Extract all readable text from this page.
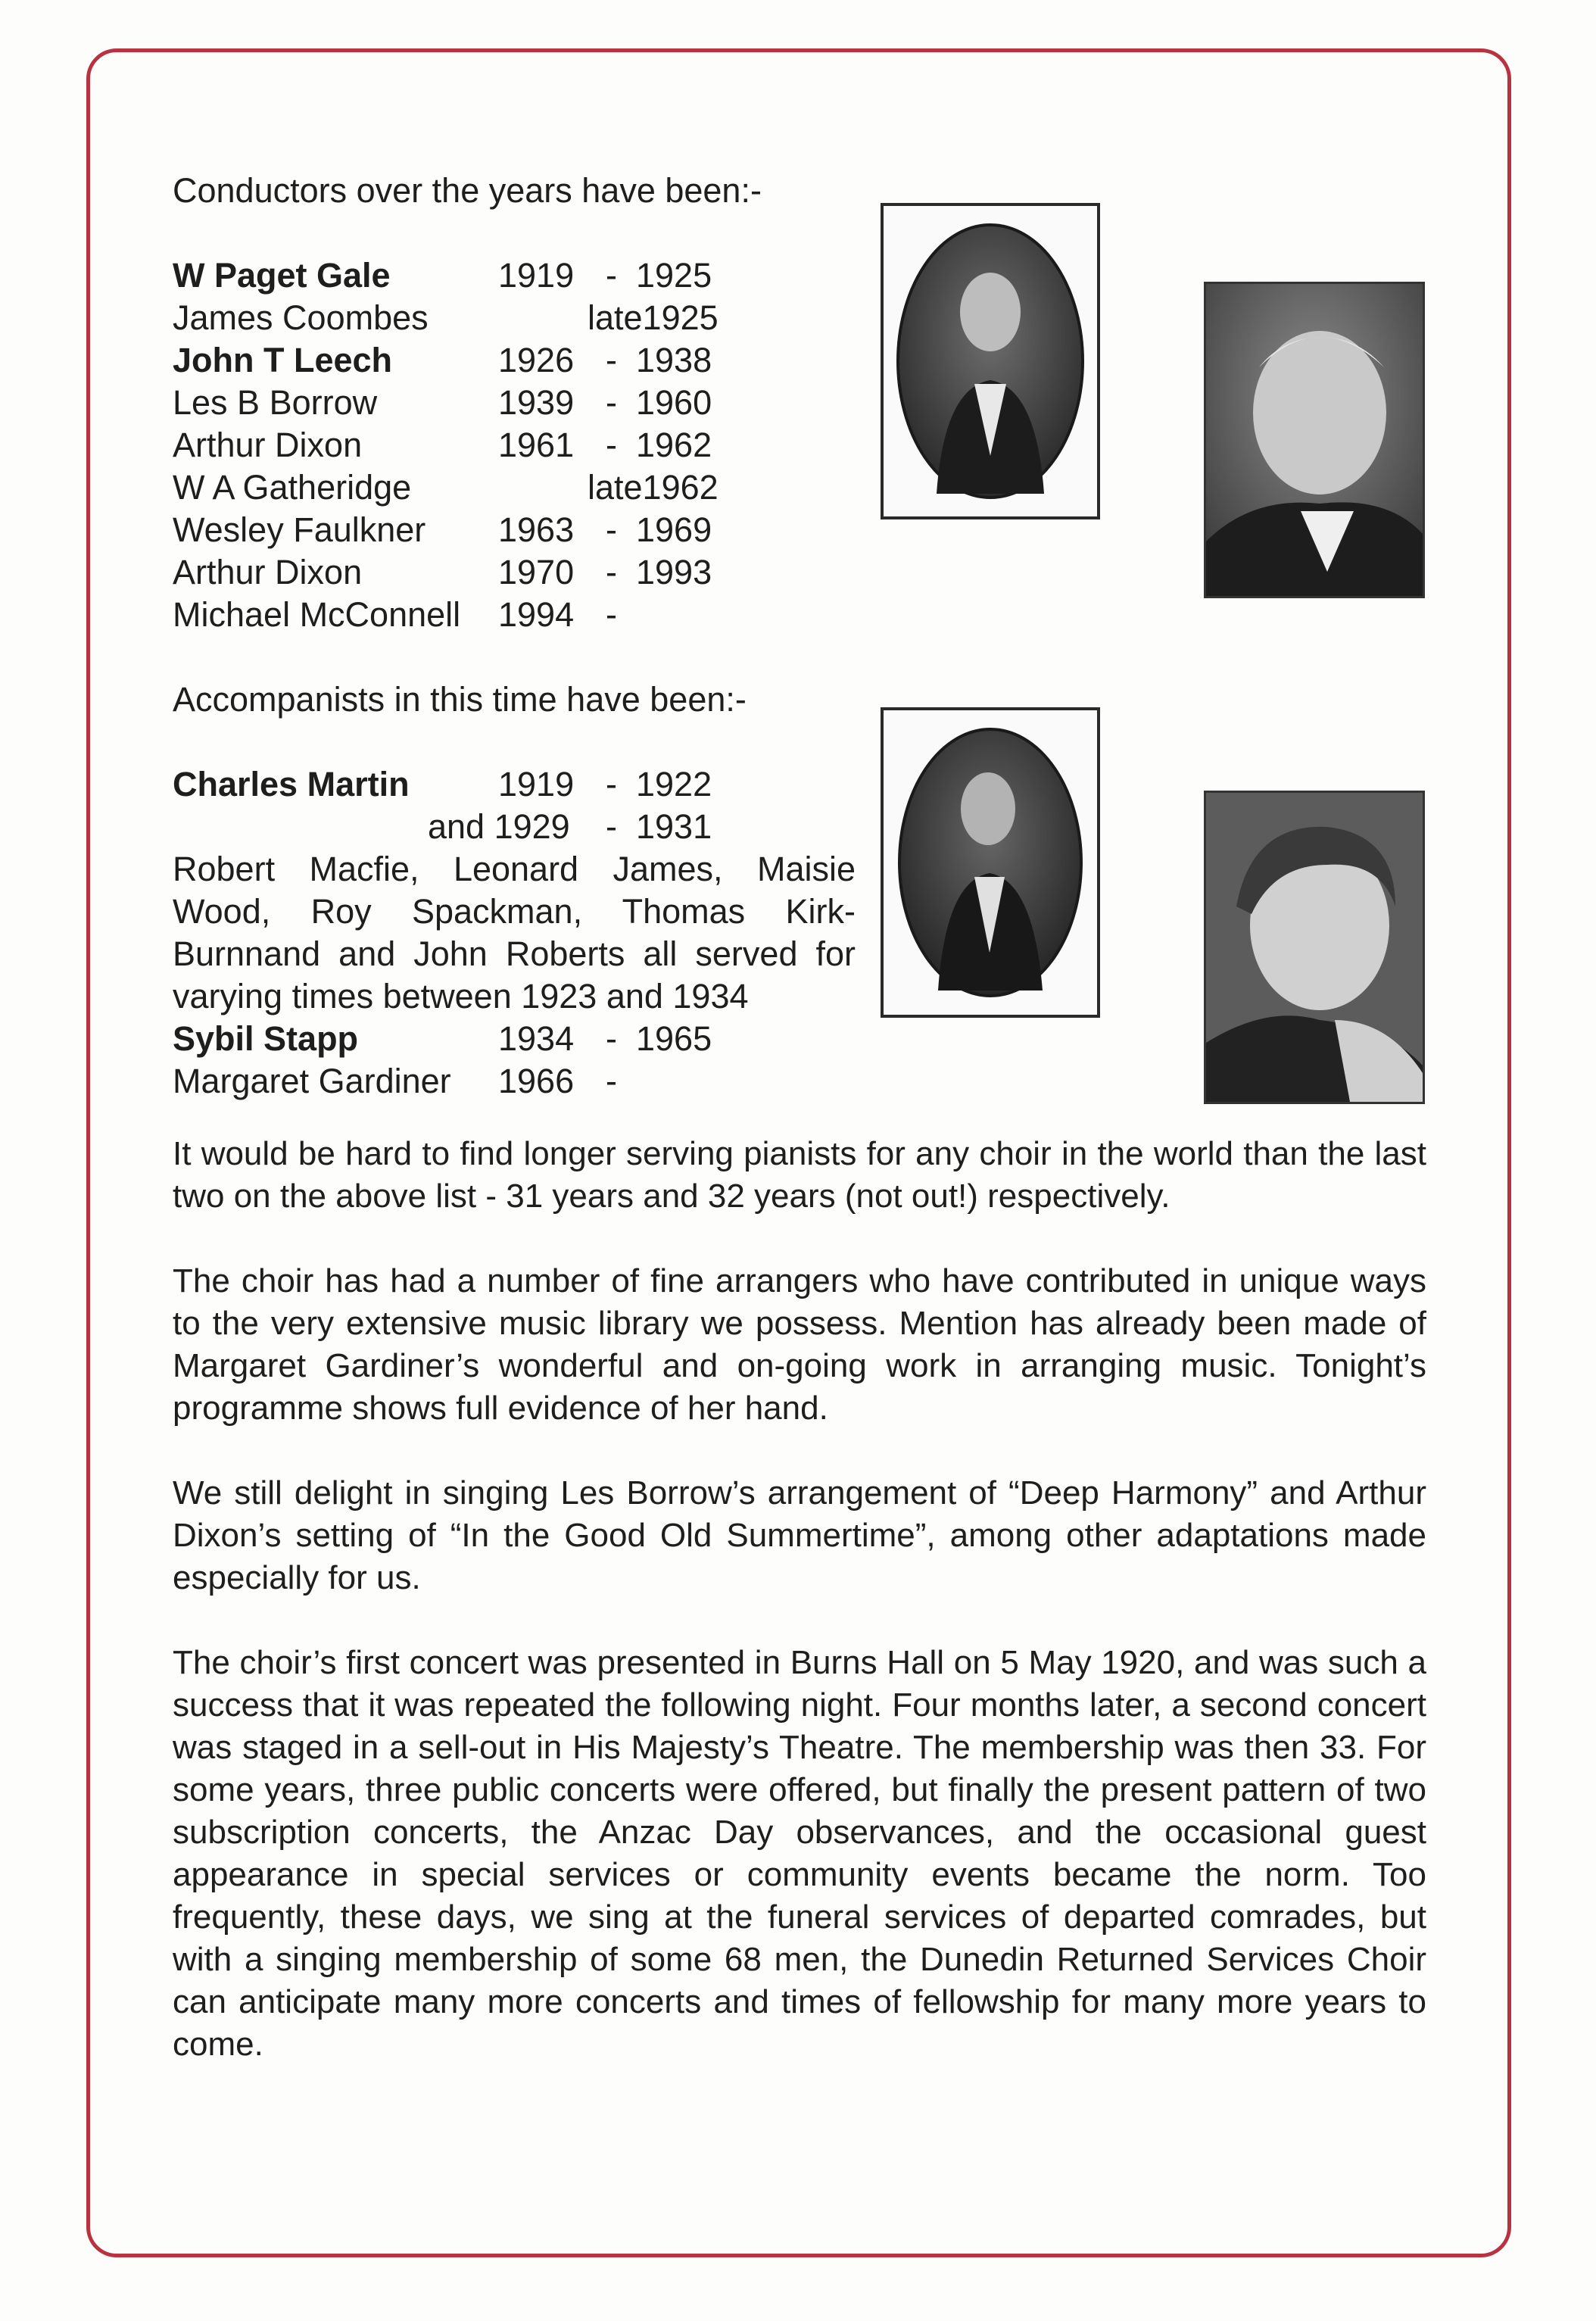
Conductors over the years have been:-

W Paget Gale	1919 - 1925
James Coombes	late1925
John T Leech	1926 - 1938
Les B Borrow	1939 - 1960
Arthur Dixon	1961 - 1962
W A Gatheridge	late1962
Wesley Faulkner 1963 - 1969
Arthur Dixon	1970 - 1993
Michael McConnell 1994 -

Accompanists in this time have been:-

Charles Martin	1919 - 1922
and 1929 - 1931

Robert Macfie, Leonard James, Maisie Wood, Roy Spackman, Thomas Kirk-Burnnand and John Roberts all served for varying times between 1923 and 1934

Sybil Stapp	1934 - 1965
Margaret Gardiner 1966 -

It would be hard to find longer serving pianists for any choir in the world than the last two on the above list - 31 years and 32 years (not out!) respectively.

The choir has had a number of fine arrangers who have contributed in unique ways to the very extensive music library we possess. Mention has already been made of Margaret Gardiner’s wonderful and on-going work in arranging music. Tonight’s programme shows full evidence of her hand.

We still delight in singing Les Borrow’s arrangement of “Deep Harmony” and Arthur Dixon’s setting of “In the Good Old Summertime”, among other adaptations made especially for us.

The choir’s first concert was presented in Burns Hall on 5 May 1920, and was such a success that it was repeated the following night. Four months later, a second concert was staged in a sell-out in His Majesty’s Theatre. The membership was then 33. For some years, three public concerts were offered, but finally the present pattern of two subscription concerts, the Anzac Day observances, and the occasional guest appearance in special services or community events became the norm. Too frequently, these days, we sing at the funeral services of departed comrades, but with a singing membership of some 68 men, the Dunedin Returned Services Choir can anticipate many more concerts and times of fellowship for many more years to come.
